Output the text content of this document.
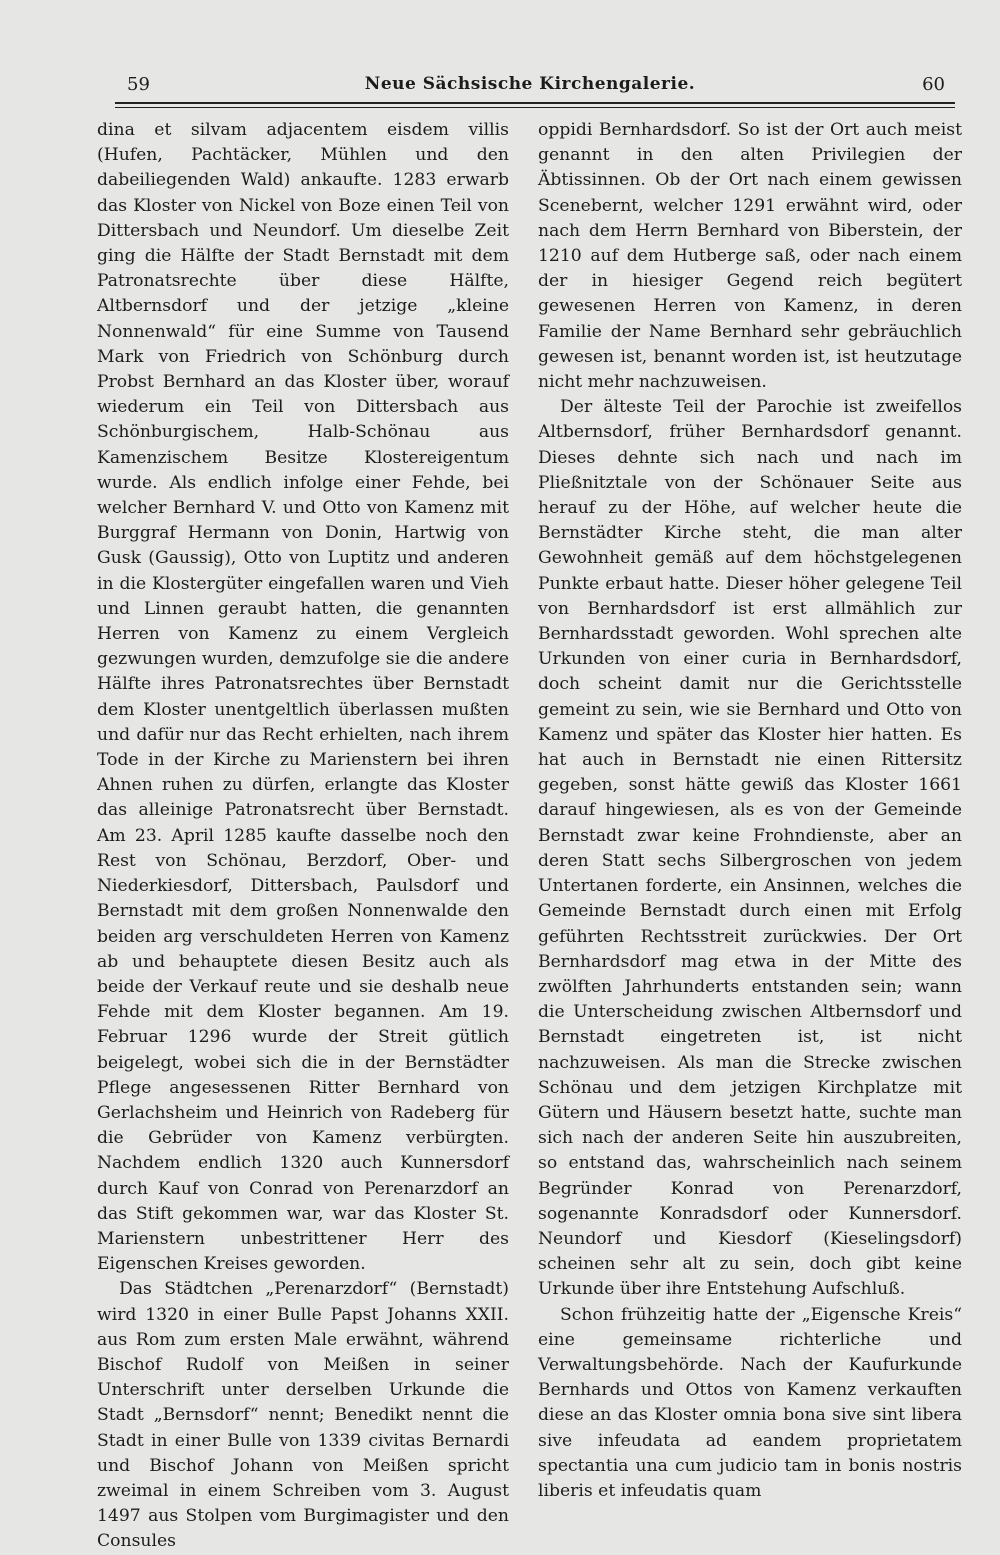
59	Neue Sächsische Kirchengalerie.	60

dina et silvam adjacentem eisdem villis (Hufen, Pachtäcker, Mühlen und den dabeiliegenden Wald) ankaufte. 1283 erwarb das Kloster von Nickel von Boze einen Teil von Dittersbach und Neundorf. Um dieselbe Zeit ging die Hälfte der Stadt Bernstadt mit dem Patronatsrechte über diese Hälfte, Altbernsdorf und der jetzige „kleine Nonnenwald“ für eine Summe von Tausend Mark von Friedrich von Schönburg durch Probst Bernhard an das Kloster über, worauf wiederum ein Teil von Dittersbach aus Schönburgischem, Halb-Schönau aus Kamenzischem Besitze Klostereigentum wurde. Als endlich infolge einer Fehde, bei welcher Bernhard V. und Otto von Kamenz mit Burggraf Hermann von Donin, Hartwig von Gusk (Gaussig), Otto von Luptitz und anderen in die Klostergüter eingefallen waren und Vieh und Linnen geraubt hatten, die genannten Herren von Kamenz zu einem Vergleich gezwungen wurden, demzufolge sie die andere Hälfte ihres Patronatsrechtes über Bernstadt dem Kloster unentgeltlich überlassen mußten und dafür nur das Recht erhielten, nach ihrem Tode in der Kirche zu Marienstern bei ihren Ahnen ruhen zu dürfen, erlangte das Kloster das alleinige Patronatsrecht über Bernstadt. Am 23. April 1285 kaufte dasselbe noch den Rest von Schönau, Berzdorf, Ober- und Niederkiesdorf, Dittersbach, Paulsdorf und Bernstadt mit dem großen Nonnenwalde den beiden arg verschuldeten Herren von Kamenz ab und behauptete diesen Besitz auch als beide der Verkauf reute und sie deshalb neue Fehde mit dem Kloster begannen. Am 19. Februar 1296 wurde der Streit gütlich beigelegt, wobei sich die in der Bernstädter Pflege angesessenen Ritter Bernhard von Gerlachsheim und Heinrich von Radeberg für die Gebrüder von Kamenz verbürgten. Nachdem endlich 1320 auch Kunnersdorf durch Kauf von Conrad von Perenarzdorf an das Stift gekommen war, war das Kloster St. Marienstern unbestrittener Herr des Eigenschen Kreises geworden.

Das Städtchen „Perenarzdorf“ (Bernstadt) wird 1320 in einer Bulle Papst Johanns XXII. aus Rom zum ersten Male erwähnt, während Bischof Rudolf von Meißen in seiner Unterschrift unter derselben Urkunde die Stadt „Bernsdorf“ nennt; Benedikt nennt die Stadt in einer Bulle von 1339 civitas Bernardi und Bischof Johann von Meißen spricht zweimal in einem Schreiben vom 3. August 1497 aus Stolpen vom Burgimagister und den Consules

oppidi Bernhardsdorf. So ist der Ort auch meist genannt in den alten Privilegien der Äbtissinnen. Ob der Ort nach einem gewissen Scenebernt, welcher 1291 erwähnt wird, oder nach dem Herrn Bernhard von Biberstein, der 1210 auf dem Hutberge saß, oder nach einem der in hiesiger Gegend reich begütert gewesenen Herren von Kamenz, in deren Familie der Name Bernhard sehr gebräuchlich gewesen ist, benannt worden ist, ist heutzutage nicht mehr nachzuweisen.

Der älteste Teil der Parochie ist zweifellos Altbernsdorf, früher Bernhardsdorf genannt. Dieses dehnte sich nach und nach im Pließnitztale von der Schönauer Seite aus herauf zu der Höhe, auf welcher heute die Bernstädter Kirche steht, die man alter Gewohnheit gemäß auf dem höchstgelegenen Punkte erbaut hatte. Dieser höher gelegene Teil von Bernhardsdorf ist erst allmählich zur Bernhardsstadt geworden. Wohl sprechen alte Urkunden von einer curia in Bernhardsdorf, doch scheint damit nur die Gerichtsstelle gemeint zu sein, wie sie Bernhard und Otto von Kamenz und später das Kloster hier hatten. Es hat auch in Bernstadt nie einen Rittersitz gegeben, sonst hätte gewiß das Kloster 1661 darauf hingewiesen, als es von der Gemeinde Bernstadt zwar keine Frohndienste, aber an deren Statt sechs Silbergroschen von jedem Untertanen forderte, ein Ansinnen, welches die Gemeinde Bernstadt durch einen mit Erfolg geführten Rechtsstreit zurückwies. Der Ort Bernhardsdorf mag etwa in der Mitte des zwölften Jahrhunderts entstanden sein; wann die Unterscheidung zwischen Altbernsdorf und Bernstadt eingetreten ist, ist nicht nachzuweisen. Als man die Strecke zwischen Schönau und dem jetzigen Kirchplatze mit Gütern und Häusern besetzt hatte, suchte man sich nach der anderen Seite hin auszubreiten, so entstand das, wahrscheinlich nach seinem Begründer Konrad von Perenarzdorf, sogenannte Konradsdorf oder Kunnersdorf. Neundorf und Kiesdorf (Kieselingsdorf) scheinen sehr alt zu sein, doch gibt keine Urkunde über ihre Entstehung Aufschluß.

Schon frühzeitig hatte der „Eigensche Kreis“ eine gemeinsame richterliche und Verwaltungsbehörde. Nach der Kaufurkunde Bernhards und Ottos von Kamenz verkauften diese an das Kloster omnia bona sive sint libera sive infeudata ad eandem proprietatem spectantia una cum judicio tam in bonis nostris liberis et infeudatis quam
